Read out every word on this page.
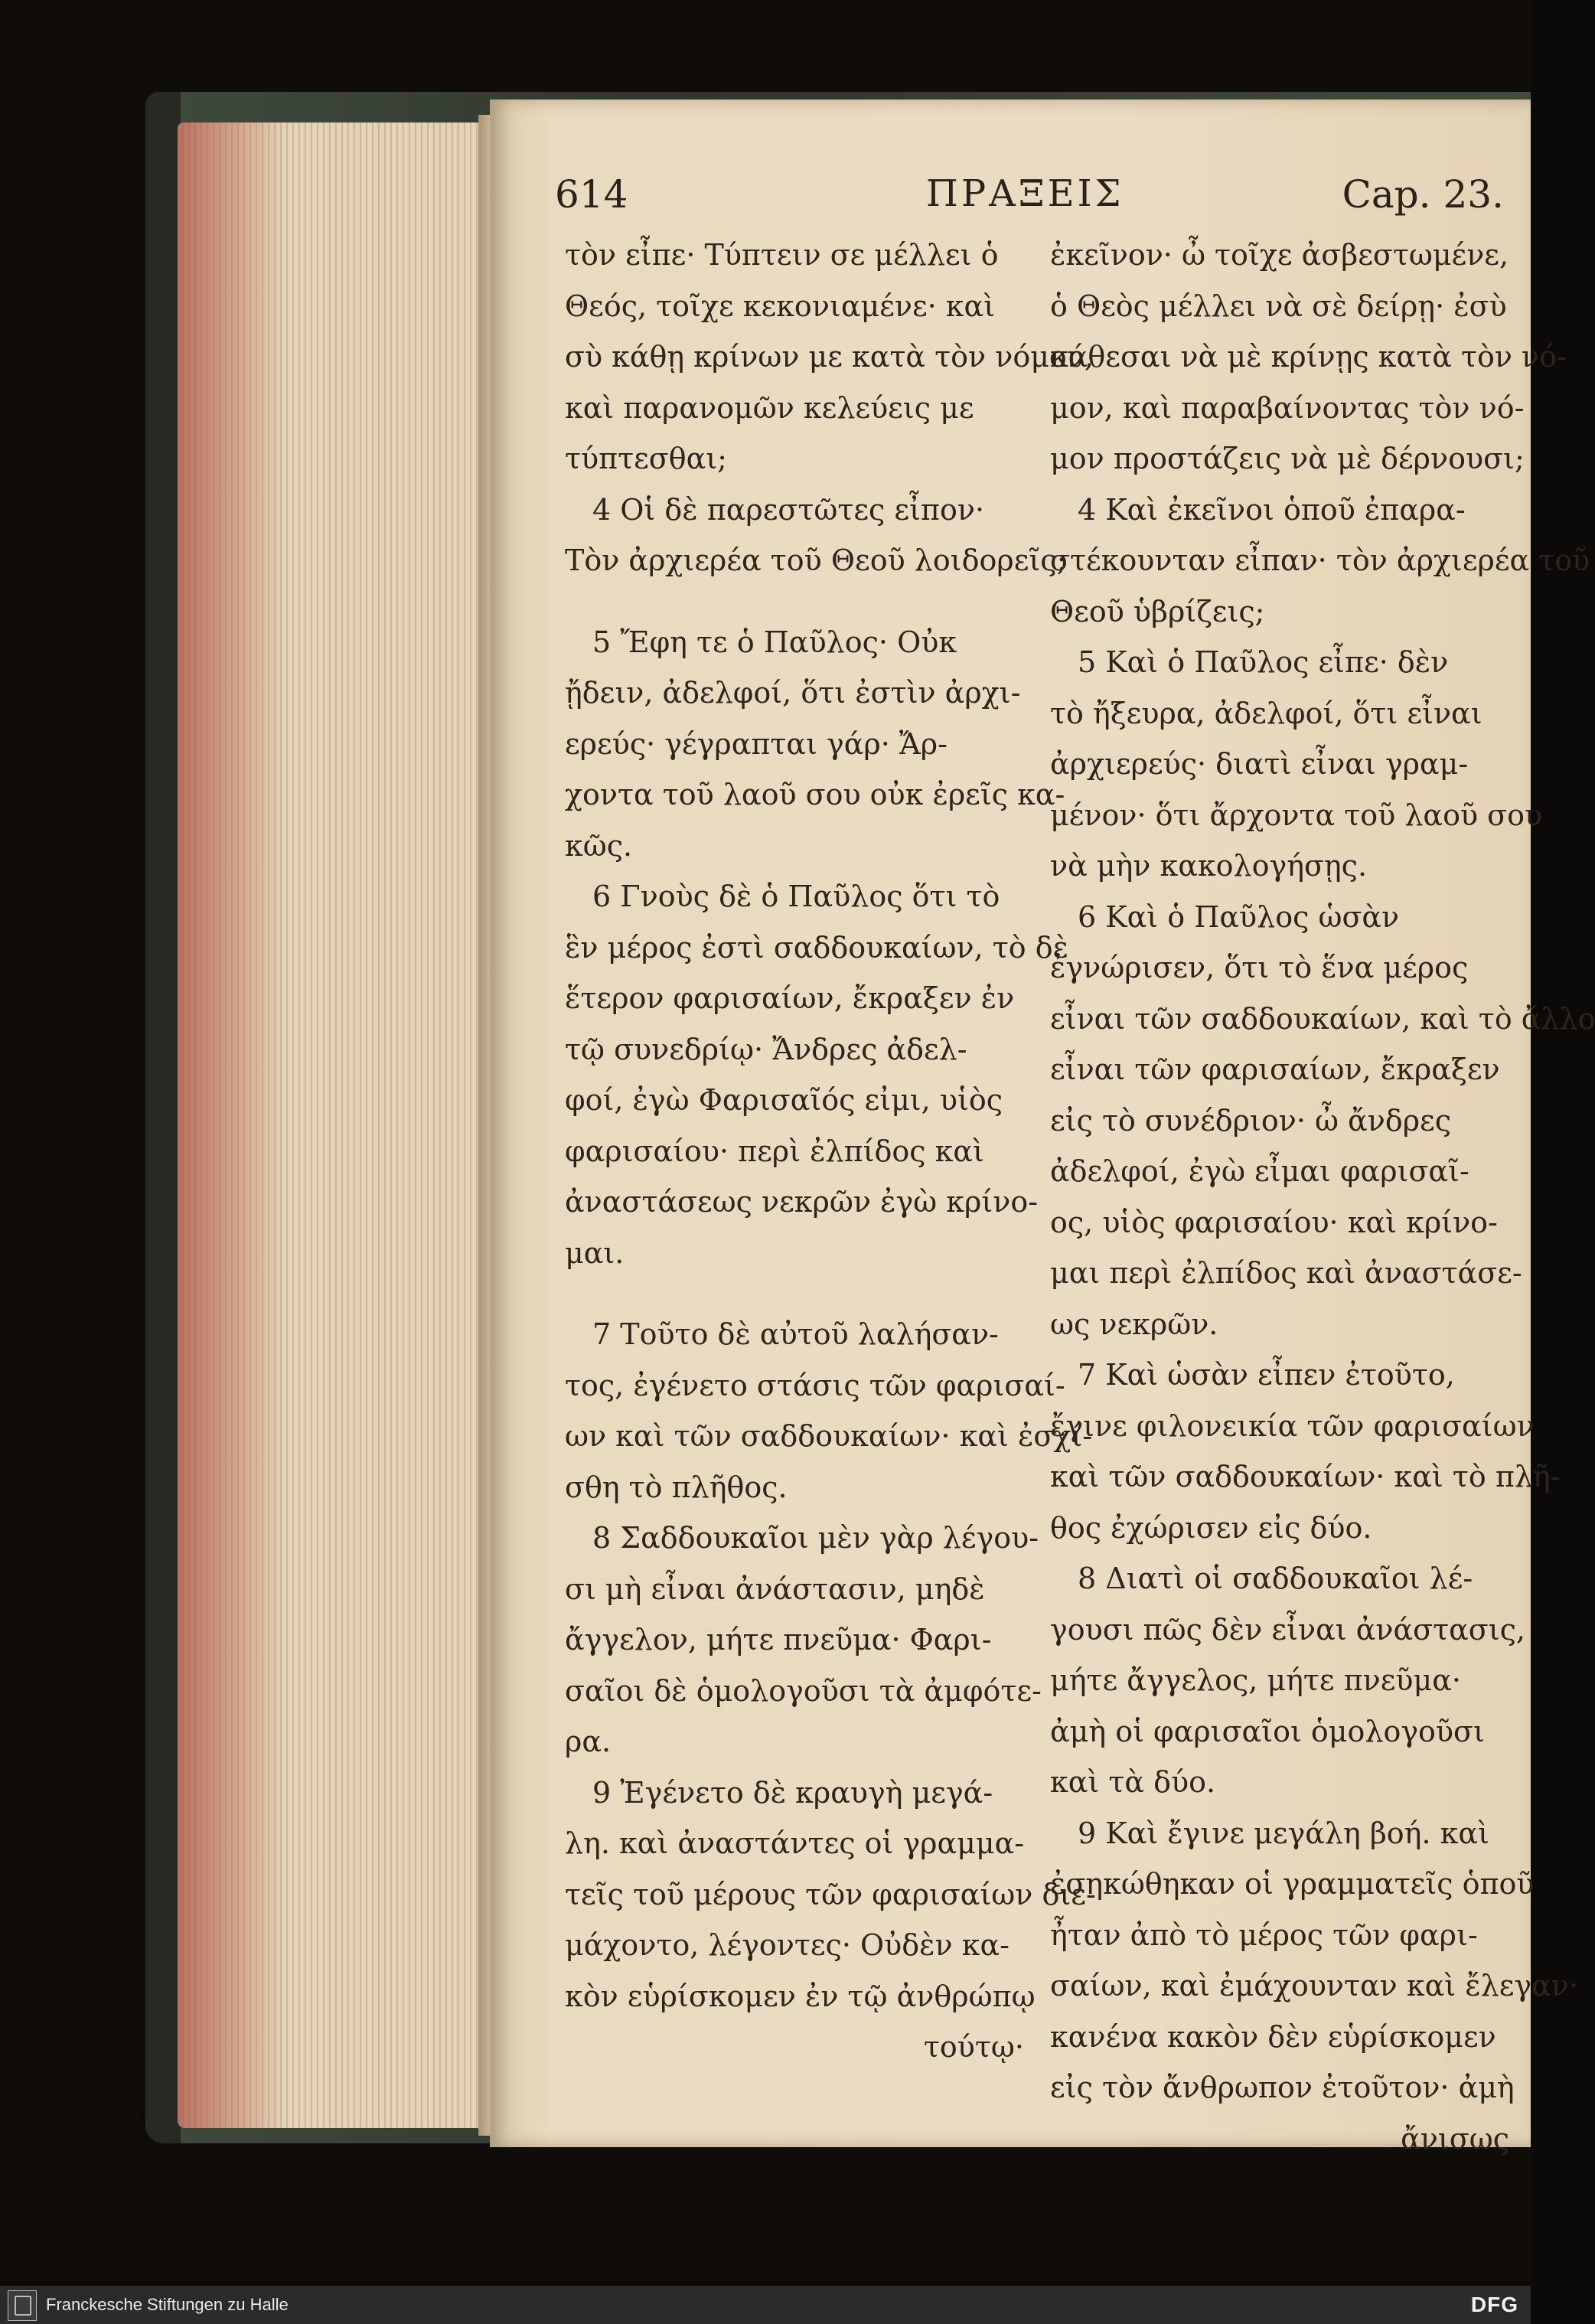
614	ΠΡΑΞΕΙΣ	Cap. 23.
τὸν εἶπε· Τύπτειν σε μέλλει ὁ
Θεός, τοῖχε κεκονιαμένε· καὶ
σὺ κάθῃ κρίνων με κατὰ τὸν νόμον,
καὶ παρανομῶν κελεύεις με
τύπτεσθαι;
4 Οἱ δὲ παρεστῶτες εἶπον·
Τὸν ἀρχιερέα τοῦ Θεοῦ λοιδορεῖς;
5 Ἔφη τε ὁ Παῦλος· Οὐκ
ᾔδειν, ἀδελφοί, ὅτι ἐστὶν ἀρχι-
ερεύς· γέγραπται γάρ· Ἄρ-
χοντα τοῦ λαοῦ σου οὐκ ἐρεῖς κα-
κῶς.
6 Γνοὺς δὲ ὁ Παῦλος ὅτι τὸ
ἓν μέρος ἐστὶ σαδδουκαίων, τὸ δὲ
ἕτερον φαρισαίων, ἔκραξεν ἐν
τῷ συνεδρίῳ· Ἄνδρες ἀδελ-
φοί, ἐγὼ Φαρισαῖός εἰμι, υἱὸς
φαρισαίου· περὶ ἐλπίδος καὶ
ἀναστάσεως νεκρῶν ἐγὼ κρίνο-
μαι.
7 Τοῦτο δὲ αὐτοῦ λαλήσαν-
τος, ἐγένετο στάσις τῶν φαρισαί-
ων καὶ τῶν σαδδουκαίων· καὶ ἐσχί-
σθη τὸ πλῆθος.
8 Σαδδουκαῖοι μὲν γὰρ λέγου-
σι μὴ εἶναι ἀνάστασιν, μηδὲ
ἄγγελον, μήτε πνεῦμα· Φαρι-
σαῖοι δὲ ὁμολογοῦσι τὰ ἀμφότε-
ρα.
9 Ἐγένετο δὲ κραυγὴ μεγά-
λη. καὶ ἀναστάντες οἱ γραμμα-
τεῖς τοῦ μέρους τῶν φαρισαίων διε-
μάχοντο, λέγοντες· Οὐδὲν κα-
κὸν εὑρίσκομεν ἐν τῷ ἀνθρώπῳ
τούτῳ·
ἐκεῖνον· ὦ τοῖχε ἀσβεστωμένε,
ὁ Θεὸς μέλλει νὰ σὲ δείρῃ· ἐσὺ
κάθεσαι νὰ μὲ κρίνῃς κατὰ τὸν νό-
μον, καὶ παραβαίνοντας τὸν νό-
μον προστάζεις νὰ μὲ δέρνουσι;
4 Καὶ ἐκεῖνοι ὁποῦ ἐπαρα-
στέκουνταν εἶπαν· τὸν ἀρχιερέα τοῦ
Θεοῦ ὑβρίζεις;
5 Καὶ ὁ Παῦλος εἶπε· δὲν
τὸ ἤξευρα, ἀδελφοί, ὅτι εἶναι
ἀρχιερεύς· διατὶ εἶναι γραμ-
μένον· ὅτι ἄρχοντα τοῦ λαοῦ σου
νὰ μὴν κακολογήσῃς.
6 Καὶ ὁ Παῦλος ὡσὰν
ἐγνώρισεν, ὅτι τὸ ἕνα μέρος
εἶναι τῶν σαδδουκαίων, καὶ τὸ ἄλλο
εἶναι τῶν φαρισαίων, ἔκραξεν
εἰς τὸ συνέδριον· ὦ ἄνδρες
ἀδελφοί, ἐγὼ εἶμαι φαρισαῖ-
ος, υἱὸς φαρισαίου· καὶ κρίνο-
μαι περὶ ἐλπίδος καὶ ἀναστάσε-
ως νεκρῶν.
7 Καὶ ὡσὰν εἶπεν ἐτοῦτο,
ἔγινε φιλονεικία τῶν φαρισαίων
καὶ τῶν σαδδουκαίων· καὶ τὸ πλῆ-
θος ἐχώρισεν εἰς δύο.
8 Διατὶ οἱ σαδδουκαῖοι λέ-
γουσι πῶς δὲν εἶναι ἀνάστασις,
μήτε ἄγγελος, μήτε πνεῦμα·
ἀμὴ οἱ φαρισαῖοι ὁμολογοῦσι
καὶ τὰ δύο.
9 Καὶ ἔγινε μεγάλη βοή. καὶ
ἐσηκώθηκαν οἱ γραμματεῖς ὁποῦ
ἦταν ἀπὸ τὸ μέρος τῶν φαρι-
σαίων, καὶ ἐμάχουνταν καὶ ἔλεγαν·
κανένα κακὸν δὲν εὑρίσκομεν
εἰς τὸν ἄνθρωπον ἐτοῦτον· ἀμὴ
ἄνισως
Franckesche Stiftungen zu Halle	DFG
